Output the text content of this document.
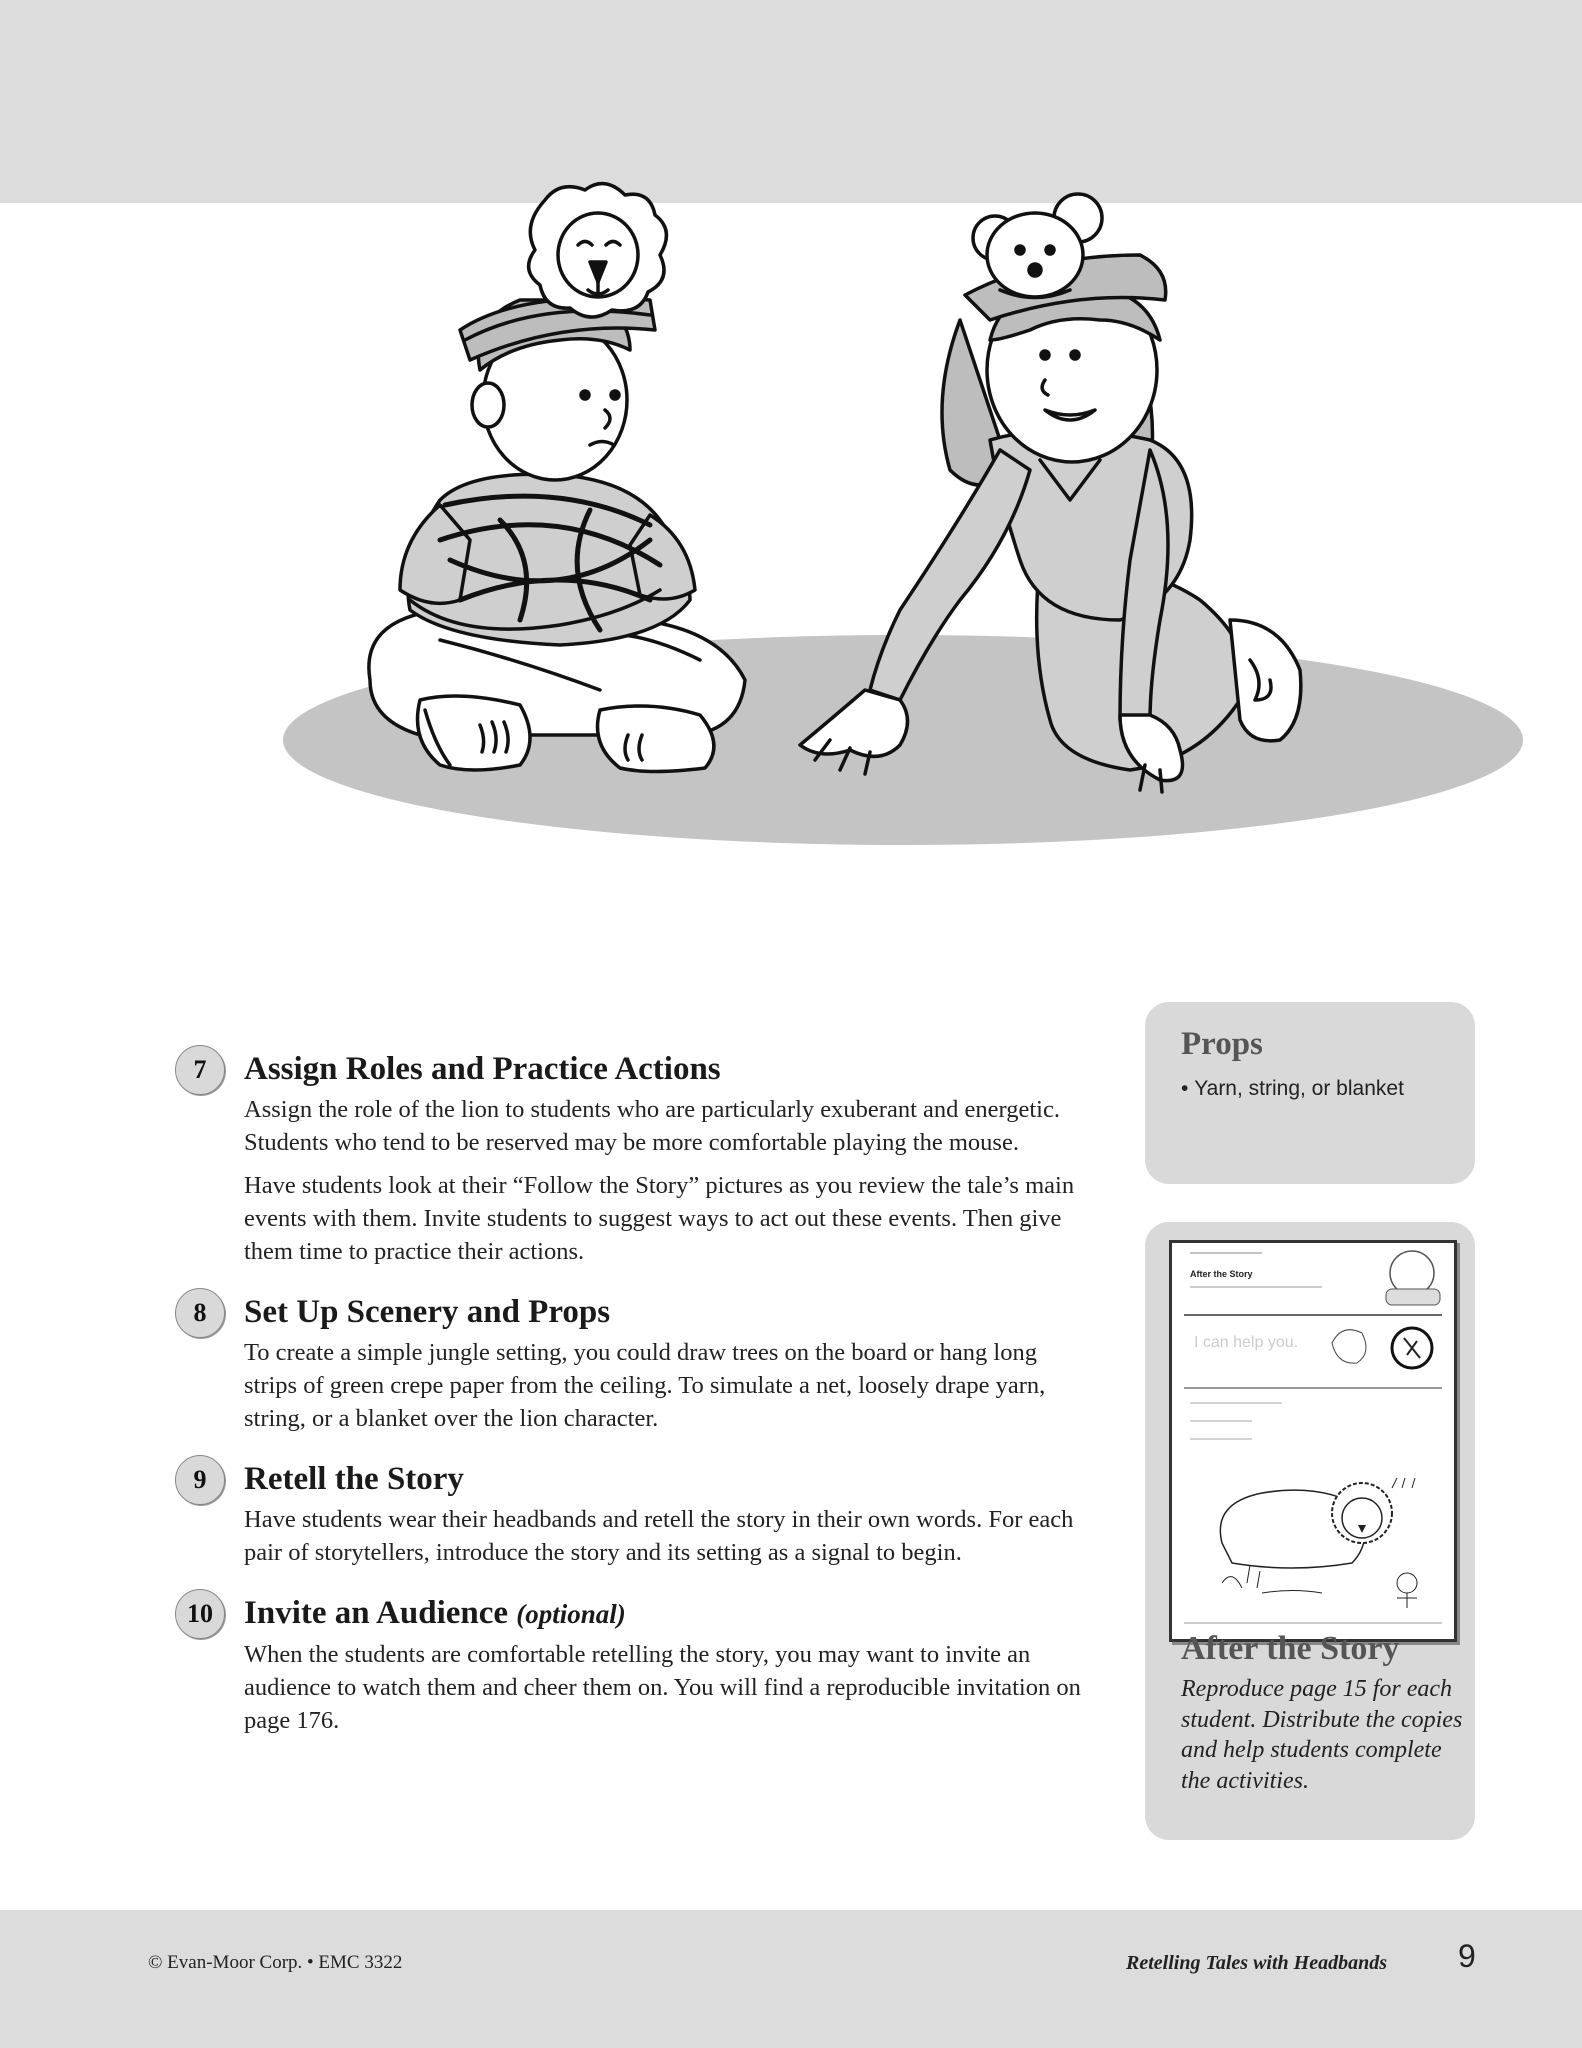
7	Assign Roles and Practice Actions

Assign the role of the lion to students who are particularly exuberant and energetic. Students who tend to be reserved may be more comfortable playing the mouse.

Have students look at their “Follow the Story” pictures as you review the tale’s main events with them. Invite students to suggest ways to act out these events. Then give them time to practice their actions.

8	Set Up Scenery and Props

To create a simple jungle setting, you could draw trees on the board or hang long strips of green crepe paper from the ceiling. To simulate a net, loosely drape yarn, string, or a blanket over the lion character.

9	Retell the Story

Have students wear their headbands and retell the story in their own words. For each pair of storytellers, introduce the story and its setting as a signal to begin.

10 Invite an Audience (optional)

When the students are comfortable retelling the story, you may want to invite an audience to watch them and cheer them on. You will find a reproducible invitation on page 176.

Props
• Yarn, string, or blanket
After the Story
I can help you.
After the Story
Reproduce page 15 for each student. Distribute the copies and help students complete the activities.
© Evan-Moor Corp. • EMC 3322	Retelling Tales with Headbands 9
